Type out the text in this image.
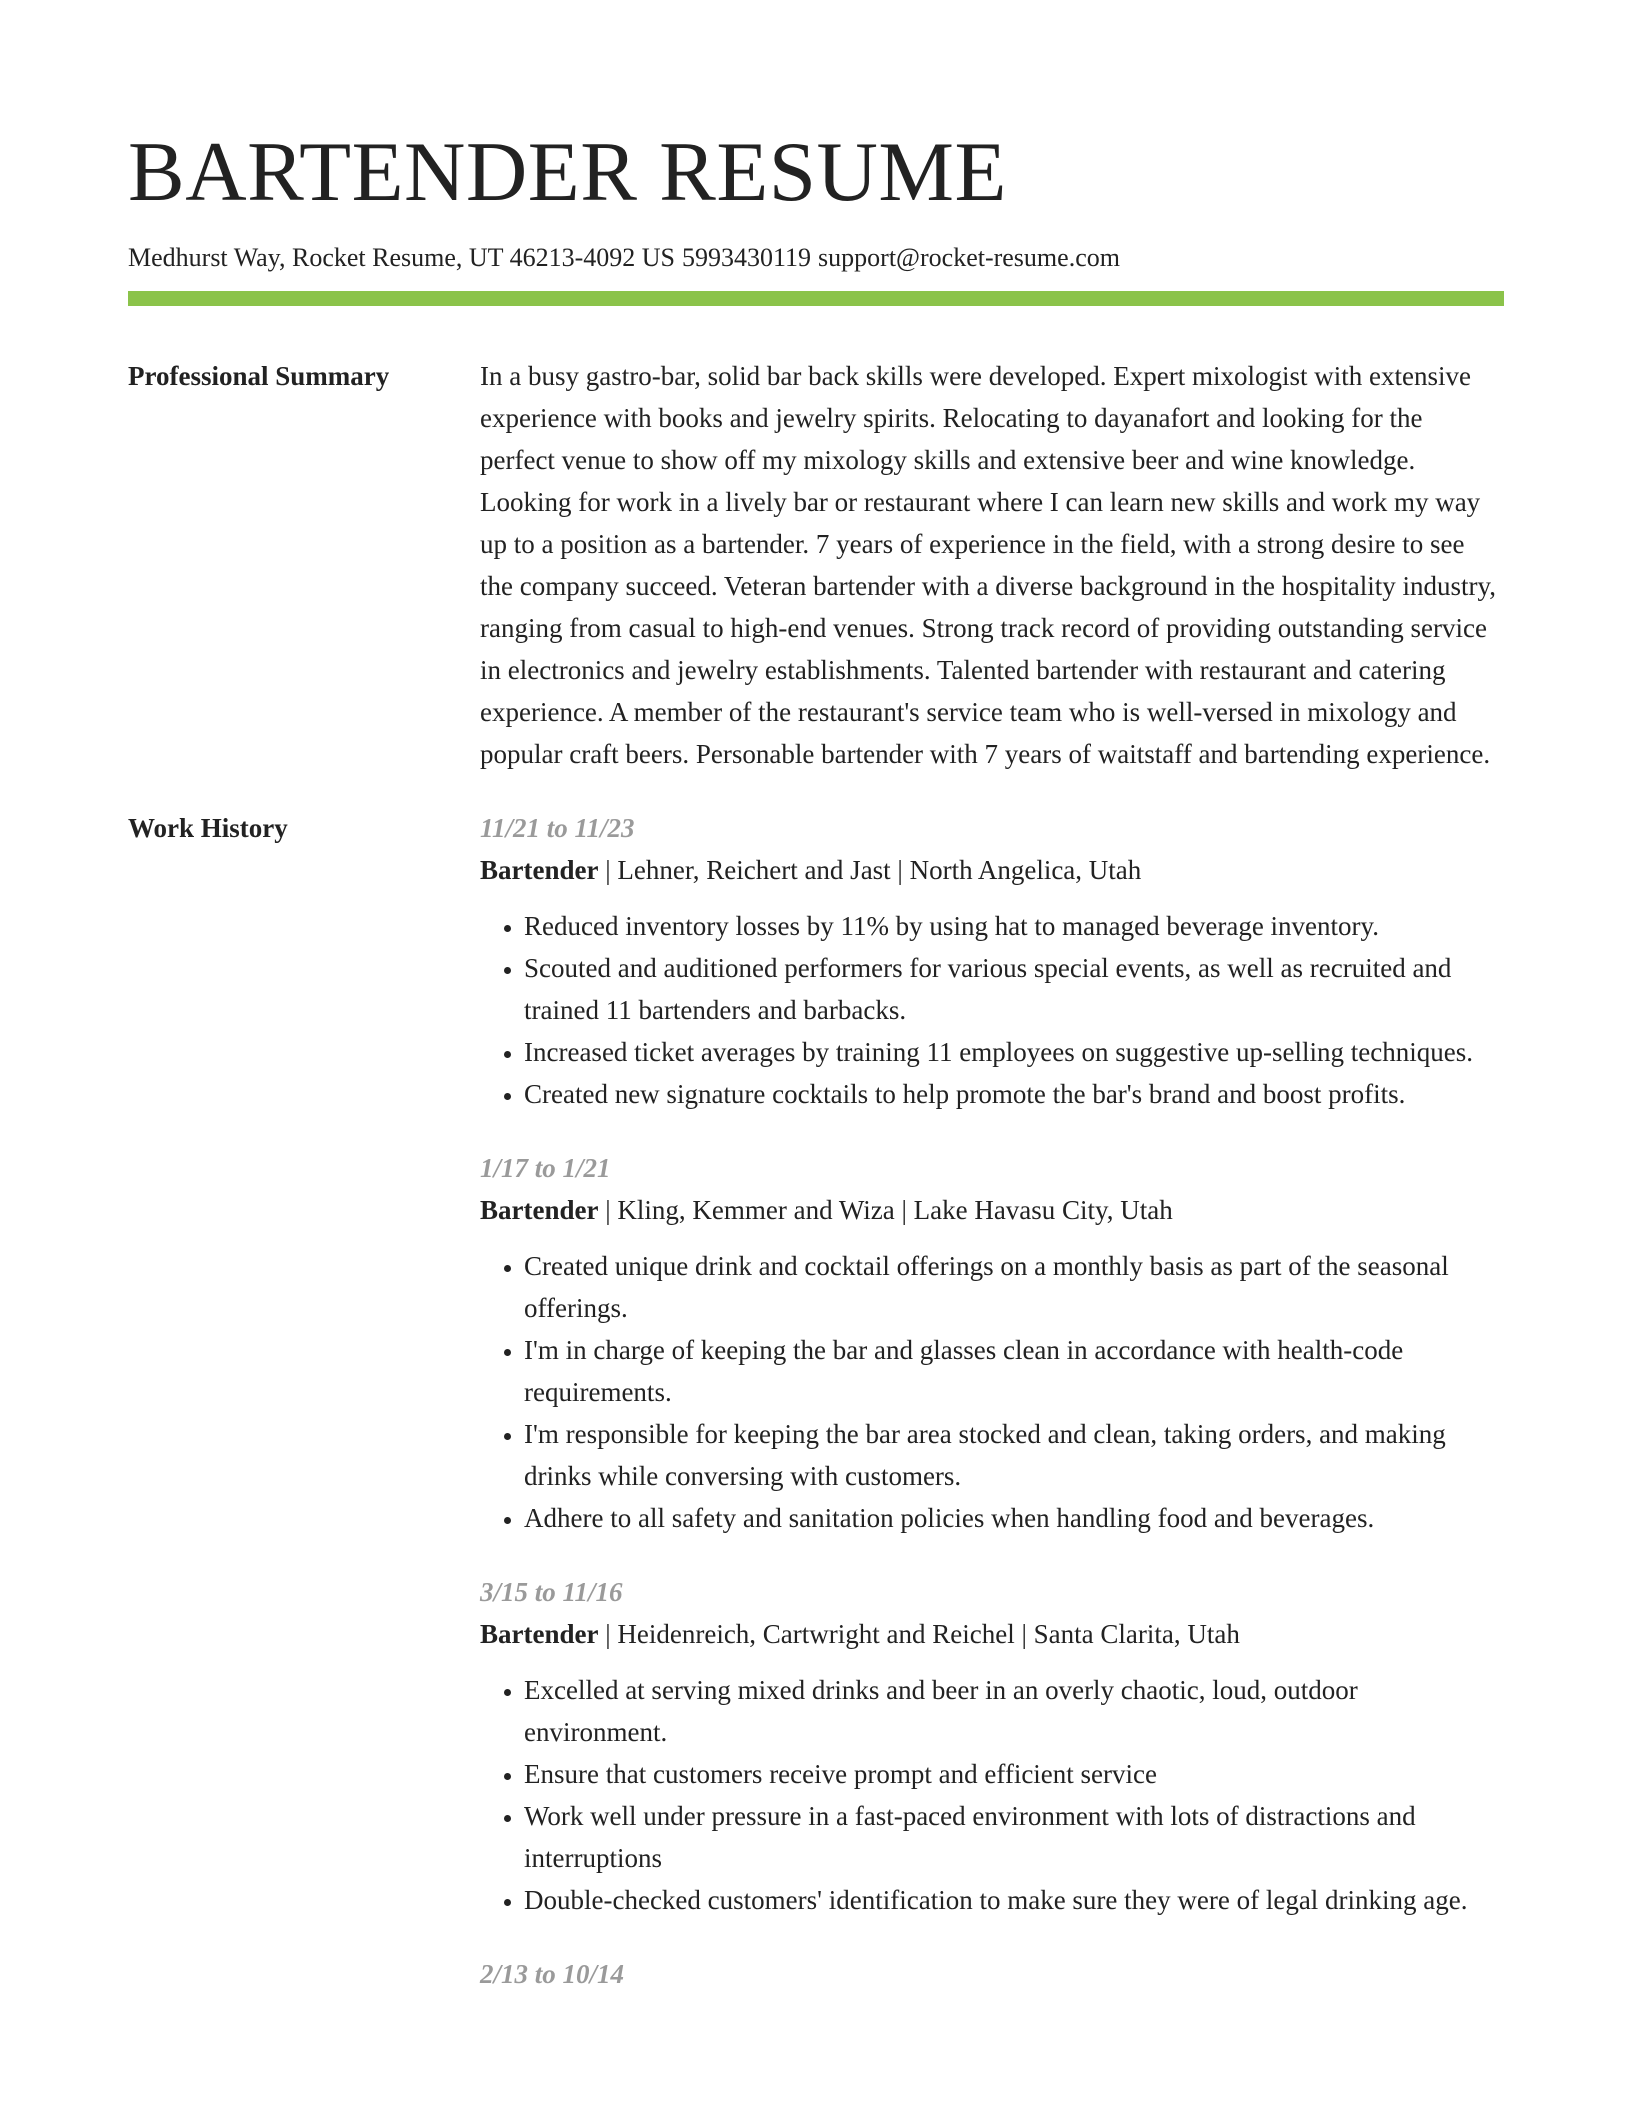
BARTENDER RESUME
Medhurst Way, Rocket Resume, UT 46213-4092 US 5993430119 support@rocket-resume.com
Professional Summary	In a busy gastro-bar, solid bar back skills were developed. Expert mixologist with extensive experience with books and jewelry spirits. Relocating to dayanafort and looking for the perfect venue to show off my mixology skills and extensive beer and wine knowledge. Looking for work in a lively bar or restaurant where I can learn new skills and work my way up to a position as a bartender. 7 years of experience in the field, with a strong desire to see the company succeed. Veteran bartender with a diverse background in the hospitality industry, ranging from casual to high-end venues. Strong track record of providing outstanding service in electronics and jewelry establishments. Talented bartender with restaurant and catering experience. A member of the restaurant's service team who is well-versed in mixology and popular craft beers. Personable bartender with 7 years of waitstaff and bartending experience.
Work History	11/21 to 11/23
Bartender | Lehner, Reichert and Jast | North Angelica, Utah
• Reduced inventory losses by 11% by using hat to managed beverage inventory.
• Scouted and auditioned performers for various special events, as well as recruited and trained 11 bartenders and barbacks.
• Increased ticket averages by training 11 employees on suggestive up-selling techniques.
• Created new signature cocktails to help promote the bar's brand and boost profits.
1/17 to 1/21
Bartender | Kling, Kemmer and Wiza | Lake Havasu City, Utah
• Created unique drink and cocktail offerings on a monthly basis as part of the seasonal offerings.
• I'm in charge of keeping the bar and glasses clean in accordance with health-code requirements.
• I'm responsible for keeping the bar area stocked and clean, taking orders, and making drinks while conversing with customers.
• Adhere to all safety and sanitation policies when handling food and beverages.
3/15 to 11/16
Bartender | Heidenreich, Cartwright and Reichel | Santa Clarita, Utah
• Excelled at serving mixed drinks and beer in an overly chaotic, loud, outdoor environment.
• Ensure that customers receive prompt and efficient service
• Work well under pressure in a fast-paced environment with lots of distractions and interruptions
• Double-checked customers' identification to make sure they were of legal drinking age.
2/13 to 10/14
